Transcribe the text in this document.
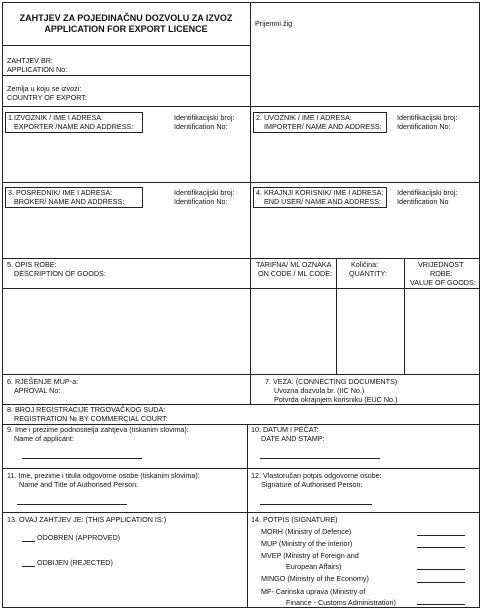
ZAHTJEV ZA POJEDINAČNU DOZVOLU ZA IZVOZ
APPLICATION FOR EXPORT LICENCE
Prijemni žig
ZAHTJEV BR:
APPLICATION No:
Zemlja u koju se izvozi:
COUNTRY OF EXPORT:
1.IZVOZNIK / IME I ADRESA:
EXPORTER /NAME AND ADDRESS:
Identifikacijski broj:
Identification No:
2. UVOZNIK / IME I ADRESA:
IMPORTER/ NAME AND ADDRESS:
Identifikacijski broj:
Identification No:
3. POSREDNIK/ IME I ADRESA:
BROKER/ NAME AND ADDRESS:
Identifikacijski broj:
Identification No:
4. KRAJNJI KORISNIK/ IME I ADRESA:
END USER/ NAME AND ADDRESS:
Identifikacijski broj:
Identification No
5. OPIS ROBE:
DESCRIPTION OF GOODS:
TARIFNA/ ML OZNAKA
ON CODE / ML CODE:
Količina:
QUANTITY:
VRIJEDNOST
ROBE:
VALUE OF GOODS:
6. RJEŠENJE MUP-a:
APROVAL No:
7. VEZA: (CONNECTING DOCUMENTS)
Uvozna dozvola br. (IIC No.)
Potvrda okrajnjem korisniku (EUC No.)
8. BROJ REGISTRACIJE TRGOVAČKOG SUDA:
REGISTRATION № BY COMMERCIAL COURT:
9. Ime i prezime podnositelja zahtjeva (tiskanim slovima):
Name of applicant:
10. DATUM I PEČAT:
DATE AND STAMP:
11. Ime, prezime i titula odgovorne osobe (tiskanim slovima):
Name and Title of Authorised Person:
12. Vlastoručan potpis odgovorne osobe:
Signature of Authorised Person:
13. OVAJ ZAHTJEV JE: (THIS APPLICATION IS:)
ODOBREN (APPROVED)
ODBIJEN (REJECTED)
14. POTPIS (SIGNATURE)
MORH (Ministry of Defence)
MUP (Ministry of the interior)
MVEP (Ministry of Foreign and
European Affairs)
MINGO (Ministry of the Economy)
MF- Carinska uprava (Ministry of
Finance - Customs Administration)
